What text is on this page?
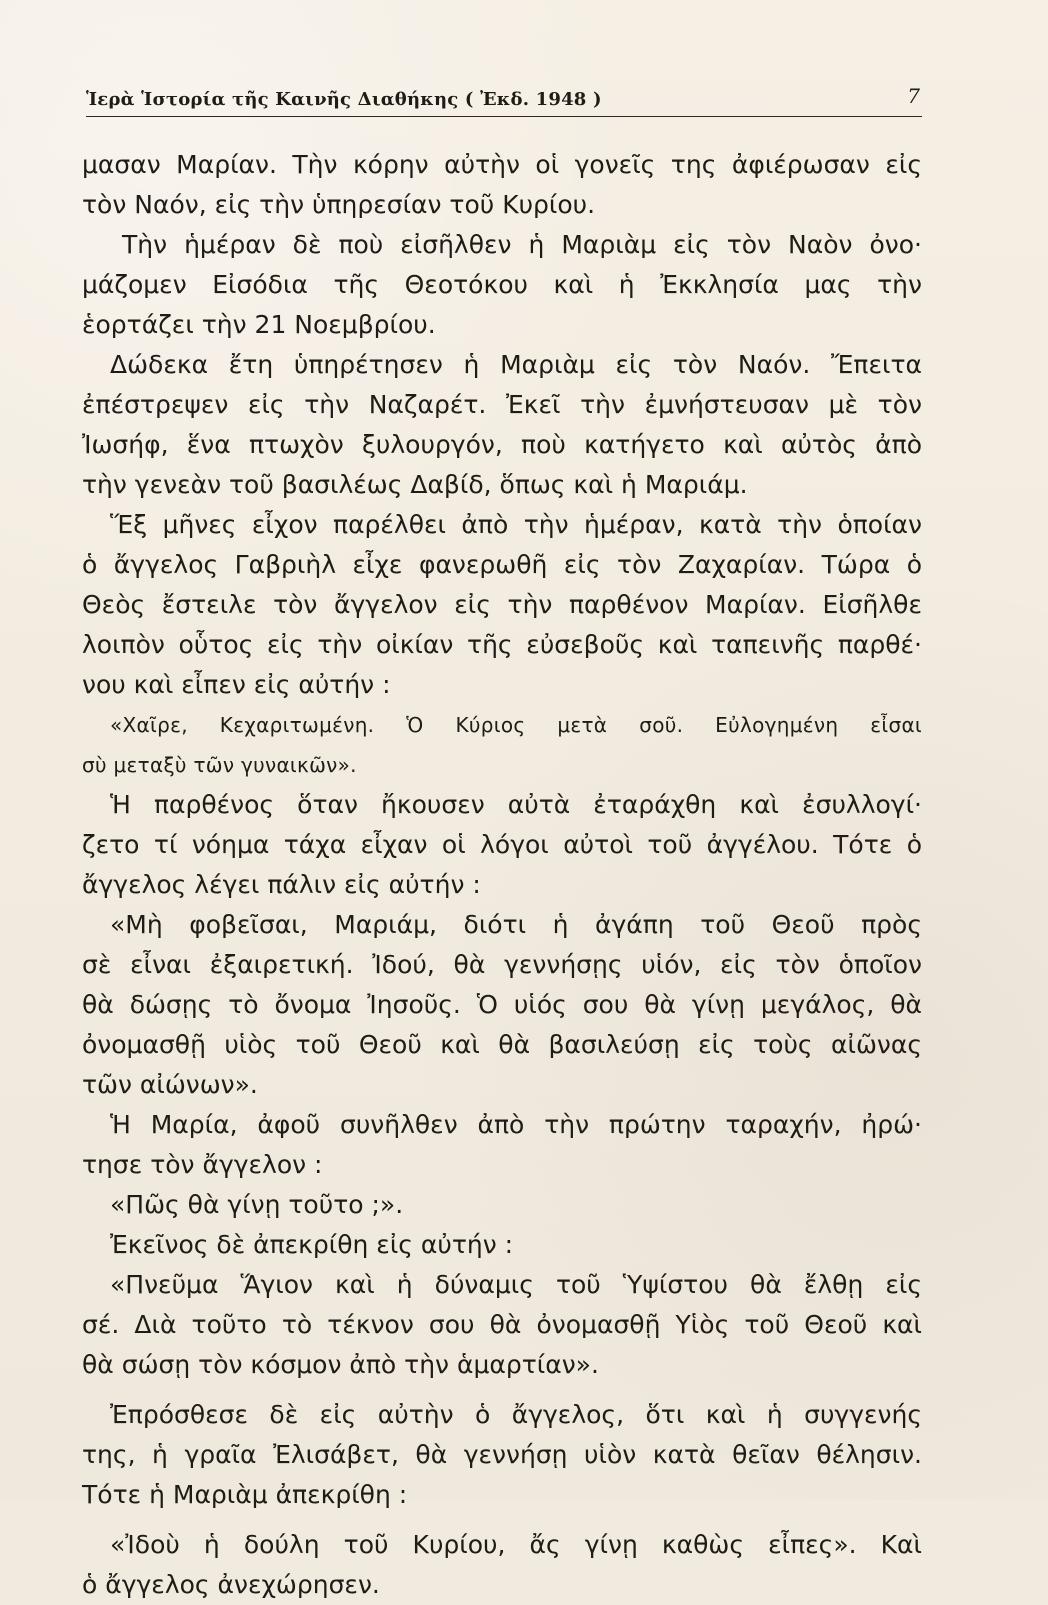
Ἱερὰ Ἱστορία τῆς Καινῆς Διαθήκης ( Ἐκδ. 1948 )	7
μασαν Μαρίαν. Τὴν κόρην αὐτὴν οἱ γονεῖς της ἀφιέρωσαν εἰς
τὸν Ναόν, εἰς τὴν ὑπηρεσίαν τοῦ Κυρίου.
Τὴν ἡμέραν δὲ ποὺ εἰσῆλθεν ἡ Μαριὰμ εἰς τὸν Ναὸν ὀνο·
μάζομεν Εἰσόδια τῆς Θεοτόκου καὶ ἡ Ἐκκλησία μας τὴν
ἑορτάζει τὴν 21 Νοεμβρίου.
Δώδεκα ἔτη ὑπηρέτησεν ἡ Μαριὰμ εἰς τὸν Ναόν. Ἔπειτα
ἐπέστρεψεν εἰς τὴν Ναζαρέτ. Ἐκεῖ τὴν ἐμνήστευσαν μὲ τὸν
Ἰωσήφ, ἕνα πτωχὸν ξυλουργόν, ποὺ κατήγετο καὶ αὐτὸς ἀπὸ
τὴν γενεὰν τοῦ βασιλέως Δαβίδ, ὅπως καὶ ἡ Μαριάμ.
Ἕξ μῆνες εἶχον παρέλθει ἀπὸ τὴν ἡμέραν, κατὰ τὴν ὁποίαν
ὁ ἄγγελος Γαβριὴλ εἶχε φανερωθῆ εἰς τὸν Ζαχαρίαν. Τώρα ὁ
Θεὸς ἔστειλε τὸν ἄγγελον εἰς τὴν παρθένον Μαρίαν. Εἰσῆλθε
λοιπὸν οὗτος εἰς τὴν οἰκίαν τῆς εὐσεβοῦς καὶ ταπεινῆς παρθέ·
νου καὶ εἶπεν εἰς αὐτήν :
«Χαῖρε, Κεχαριτωμένη. Ὁ Κύριος μετὰ σοῦ. Εὐλογημένη εἶσαι
σὺ μεταξὺ τῶν γυναικῶν».
Ἡ παρθένος ὅταν ἤκουσεν αὐτὰ ἐταράχθη καὶ ἐσυλλογί·
ζετο τί νόημα τάχα εἶχαν οἱ λόγοι αὐτοὶ τοῦ ἀγγέλου. Τότε ὁ
ἄγγελος λέγει πάλιν εἰς αὐτήν :
«Μὴ φοβεῖσαι, Μαριάμ, διότι ἡ ἀγάπη τοῦ Θεοῦ πρὸς
σὲ εἶναι ἐξαιρετική. Ἰδού, θὰ γεννήσῃς υἱόν, εἰς τὸν ὁποῖον
θὰ δώσῃς τὸ ὄνομα Ἰησοῦς. Ὁ υἱός σου θὰ γίνῃ μεγάλος, θὰ
ὀνομασθῇ υἱὸς τοῦ Θεοῦ καὶ θὰ βασιλεύσῃ εἰς τοὺς αἰῶνας
τῶν αἰώνων».
Ἡ Μαρία, ἀφοῦ συνῆλθεν ἀπὸ τὴν πρώτην ταραχήν, ἠρώ·
τησε τὸν ἄγγελον :
«Πῶς θὰ γίνῃ τοῦτο ;».
Ἐκεῖνος δὲ ἀπεκρίθη εἰς αὐτήν :
«Πνεῦμα Ἅγιον καὶ ἡ δύναμις τοῦ Ὑψίστου θὰ ἔλθῃ εἰς
σέ. Διὰ τοῦτο τὸ τέκνον σου θὰ ὀνομασθῇ Υἱὸς τοῦ Θεοῦ καὶ
θὰ σώσῃ τὸν κόσμον ἀπὸ τὴν ἁμαρτίαν».
Ἐπρόσθεσε δὲ εἰς αὐτὴν ὁ ἄγγελος, ὅτι καὶ ἡ συγγενής
της, ἡ γραῖα Ἐλισάβετ, θὰ γεννήσῃ υἱὸν κατὰ θεῖαν θέλησιν.
Τότε ἡ Μαριὰμ ἀπεκρίθη :
«Ἰδοὺ ἡ δούλη τοῦ Κυρίου, ἄς γίνῃ καθὼς εἶπες». Καὶ
ὁ ἄγγελος ἀνεχώρησεν.
